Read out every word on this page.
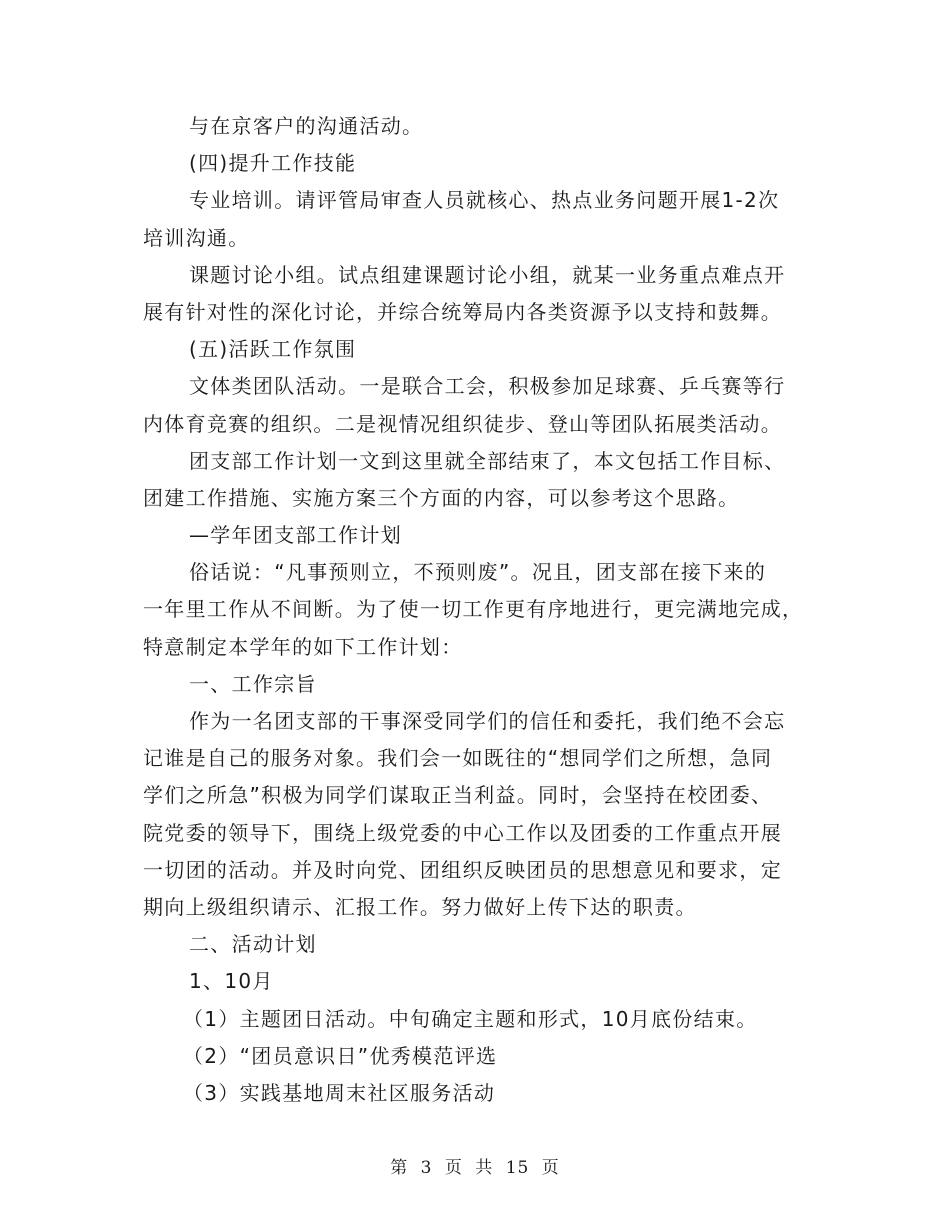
与在京客户的沟通活动。
(四)提升工作技能
专业培训。请评管局审查人员就核心、热点业务问题开展1-2次
培训沟通。
课题讨论小组。试点组建课题讨论小组，就某一业务重点难点开
展有针对性的深化讨论，并综合统筹局内各类资源予以支持和鼓舞。
(五)活跃工作氛围
文体类团队活动。一是联合工会，积极参加足球赛、乒乓赛等行
内体育竞赛的组织。二是视情况组织徒步、登山等团队拓展类活动。
团支部工作计划一文到这里就全部结束了，本文包括工作目标、
团建工作措施、实施方案三个方面的内容，可以参考这个思路。
—学年团支部工作计划
俗话说：“凡事预则立，不预则废”。况且，团支部在接下来的
一年里工作从不间断。为了使一切工作更有序地进行，更完满地完成，
特意制定本学年的如下工作计划：
一、工作宗旨
作为一名团支部的干事深受同学们的信任和委托，我们绝不会忘
记谁是自己的服务对象。我们会一如既往的“想同学们之所想，急同
学们之所急”积极为同学们谋取正当利益。同时，会坚持在校团委、
院党委的领导下，围绕上级党委的中心工作以及团委的工作重点开展
一切团的活动。并及时向党、团组织反映团员的思想意见和要求，定
期向上级组织请示、汇报工作。努力做好上传下达的职责。
二、活动计划
1、10月
（1）主题团日活动。中旬确定主题和形式，10月底份结束。
（2）“团员意识日”优秀模范评选
（3）实践基地周末社区服务活动
第 3 页 共 15 页
